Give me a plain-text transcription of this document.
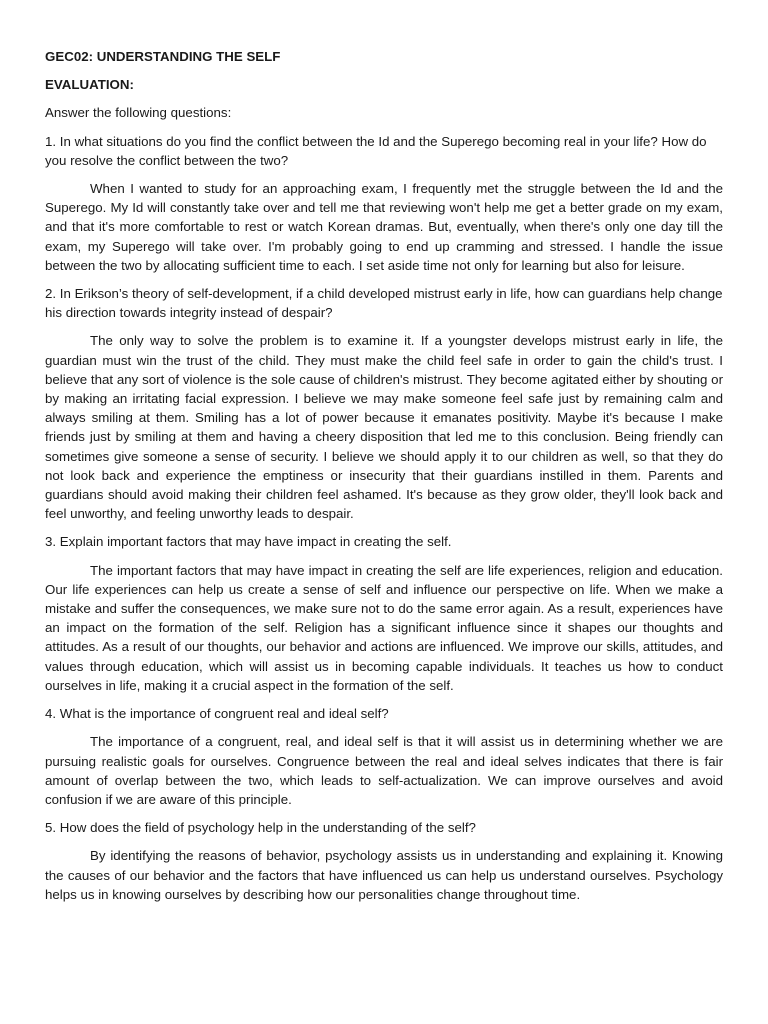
GEC02: UNDERSTANDING THE SELF

EVALUATION:

Answer the following questions:

1. In what situations do you find the conflict between the Id and the Superego becoming real in your life? How do you resolve the conflict between the two?

When I wanted to study for an approaching exam, I frequently met the struggle between the Id and the Superego. My Id will constantly take over and tell me that reviewing won't help me get a better grade on my exam, and that it's more comfortable to rest or watch Korean dramas. But, eventually, when there's only one day till the exam, my Superego will take over. I'm probably going to end up cramming and stressed. I handle the issue between the two by allocating sufficient time to each. I set aside time not only for learning but also for leisure.

2. In Erikson’s theory of self-development, if a child developed mistrust early in life, how can guardians help change his direction towards integrity instead of despair?

The only way to solve the problem is to examine it. If a youngster develops mistrust early in life, the guardian must win the trust of the child. They must make the child feel safe in order to gain the child's trust. I believe that any sort of violence is the sole cause of children's mistrust. They become agitated either by shouting or by making an irritating facial expression. I believe we may make someone feel safe just by remaining calm and always smiling at them. Smiling has a lot of power because it emanates positivity. Maybe it's because I make friends just by smiling at them and having a cheery disposition that led me to this conclusion. Being friendly can sometimes give someone a sense of security. I believe we should apply it to our children as well, so that they do not look back and experience the emptiness or insecurity that their guardians instilled in them. Parents and guardians should avoid making their children feel ashamed. It's because as they grow older, they'll look back and feel unworthy, and feeling unworthy leads to despair.

3. Explain important factors that may have impact in creating the self.

The important factors that may have impact in creating the self are life experiences, religion and education. Our life experiences can help us create a sense of self and influence our perspective on life. When we make a mistake and suffer the consequences, we make sure not to do the same error again. As a result, experiences have an impact on the formation of the self. Religion has a significant influence since it shapes our thoughts and attitudes. As a result of our thoughts, our behavior and actions are influenced. We improve our skills, attitudes, and values through education, which will assist us in becoming capable individuals. It teaches us how to conduct ourselves in life, making it a crucial aspect in the formation of the self.

4. What is the importance of congruent real and ideal self?

The importance of a congruent, real, and ideal self is that it will assist us in determining whether we are pursuing realistic goals for ourselves. Congruence between the real and ideal selves indicates that there is fair amount of overlap between the two, which leads to self-actualization. We can improve ourselves and avoid confusion if we are aware of this principle.

5. How does the field of psychology help in the understanding of the self?

By identifying the reasons of behavior, psychology assists us in understanding and explaining it. Knowing the causes of our behavior and the factors that have influenced us can help us understand ourselves. Psychology helps us in knowing ourselves by describing how our personalities change throughout time.
